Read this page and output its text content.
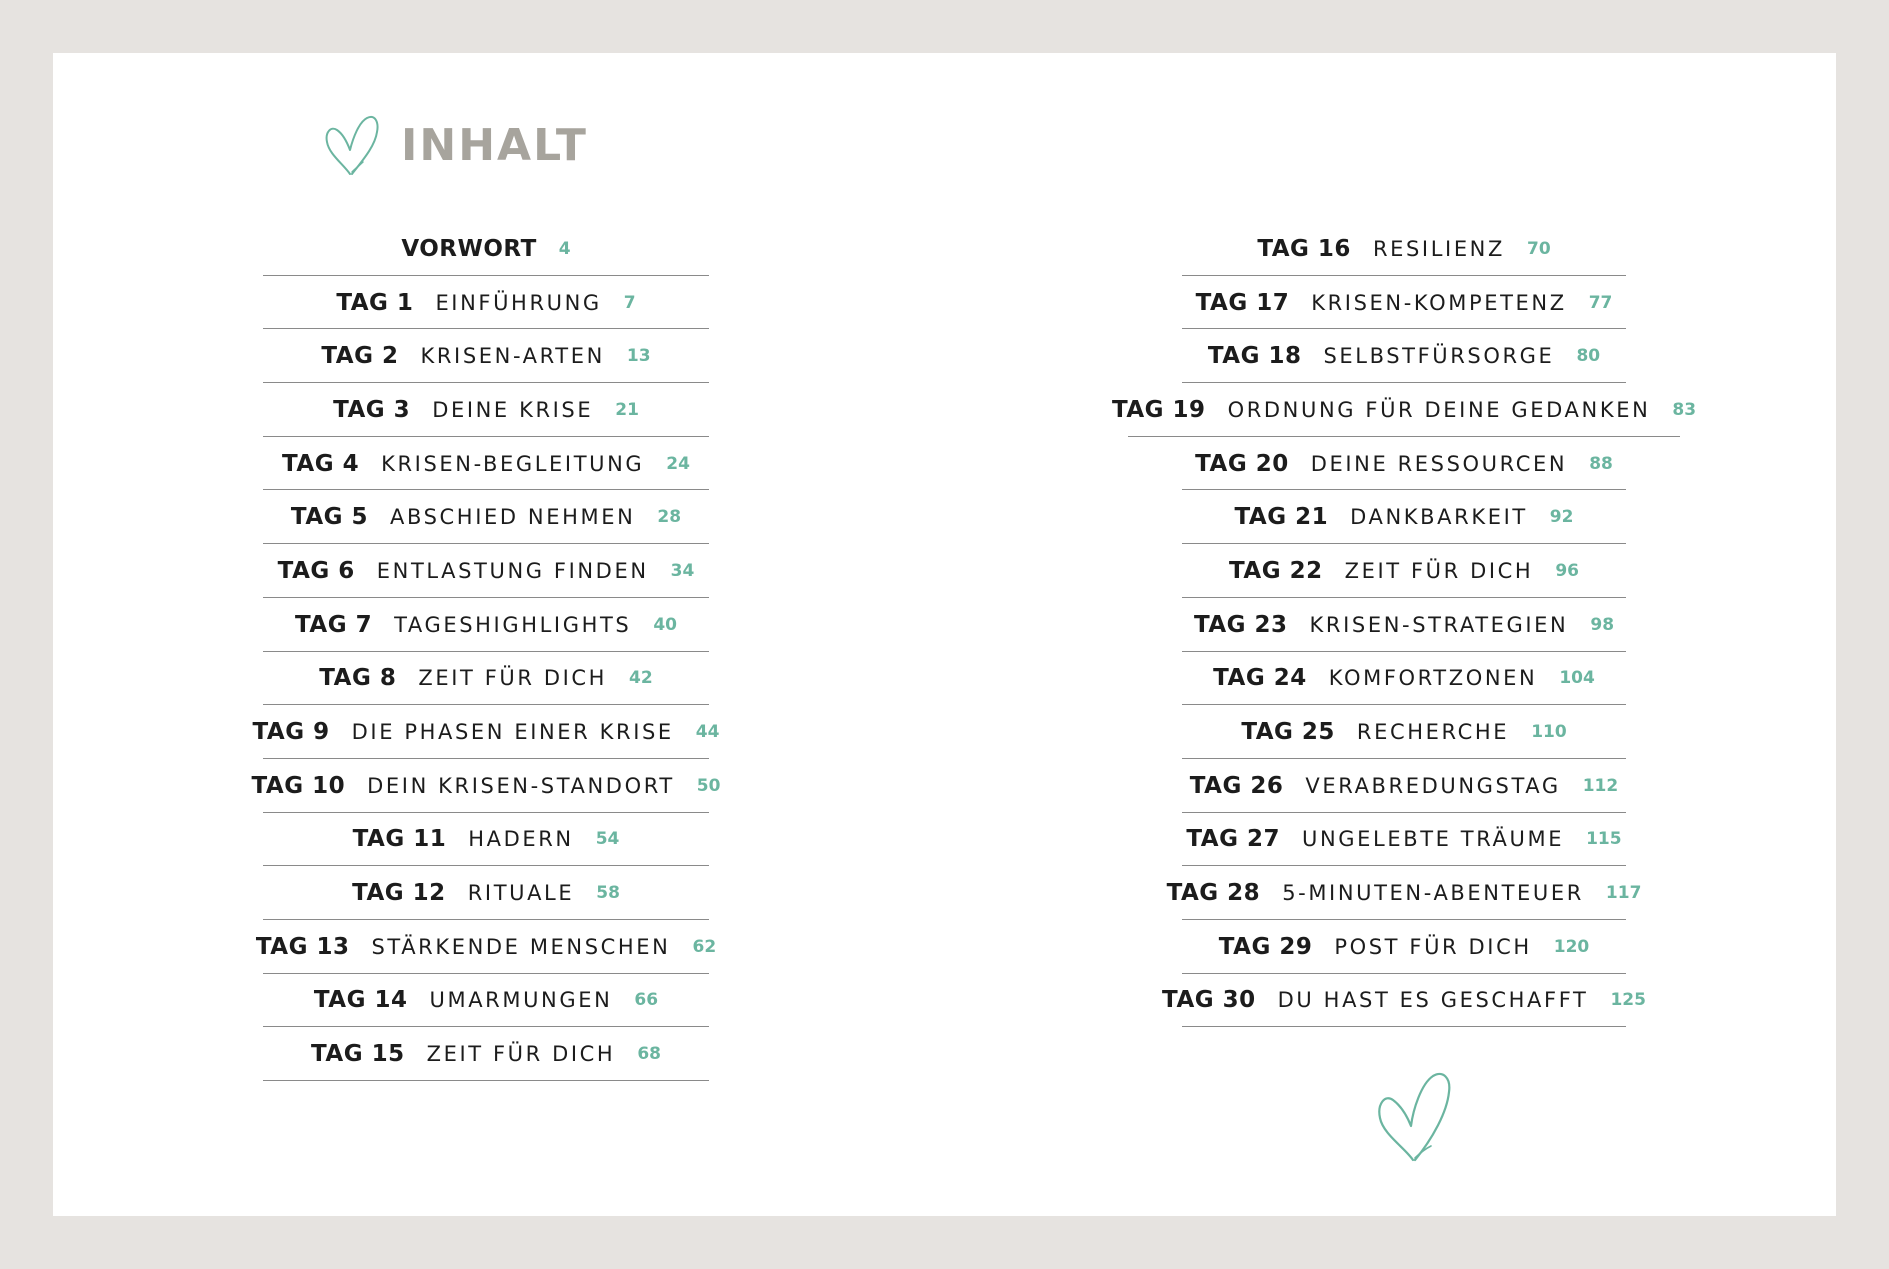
INHALT
VORWORT 4
TAG 1 EINFÜHRUNG 7
TAG 2 KRISEN-ARTEN 13
TAG 3 DEINE KRISE 21
TAG 4 KRISEN-BEGLEITUNG 24
TAG 5 ABSCHIED NEHMEN 28
TAG 6 ENTLASTUNG FINDEN 34
TAG 7 TAGESHIGHLIGHTS 40
TAG 8 ZEIT FÜR DICH 42
TAG 9 DIE PHASEN EINER KRISE 44
TAG 10 DEIN KRISEN-STANDORT 50
TAG 11 HADERN 54
TAG 12 RITUALE 58
TAG 13 STÄRKENDE MENSCHEN 62
TAG 14 UMARMUNGEN 66
TAG 15 ZEIT FÜR DICH 68
TAG 16 RESILIENZ 70
TAG 17 KRISEN-KOMPETENZ 77
TAG 18 SELBSTFÜRSORGE 80
TAG 19 ORDNUNG FÜR DEINE GEDANKEN 83
TAG 20 DEINE RESSOURCEN 88
TAG 21 DANKBARKEIT 92
TAG 22 ZEIT FÜR DICH 96
TAG 23 KRISEN-STRATEGIEN 98
TAG 24 KOMFORTZONEN 104
TAG 25 RECHERCHE 110
TAG 26 VERABREDUNGSTAG 112
TAG 27 UNGELEBTE TRÄUME 115
TAG 28 5-MINUTEN-ABENTEUER 117
TAG 29 POST FÜR DICH 120
TAG 30 DU HAST ES GESCHAFFT 125
